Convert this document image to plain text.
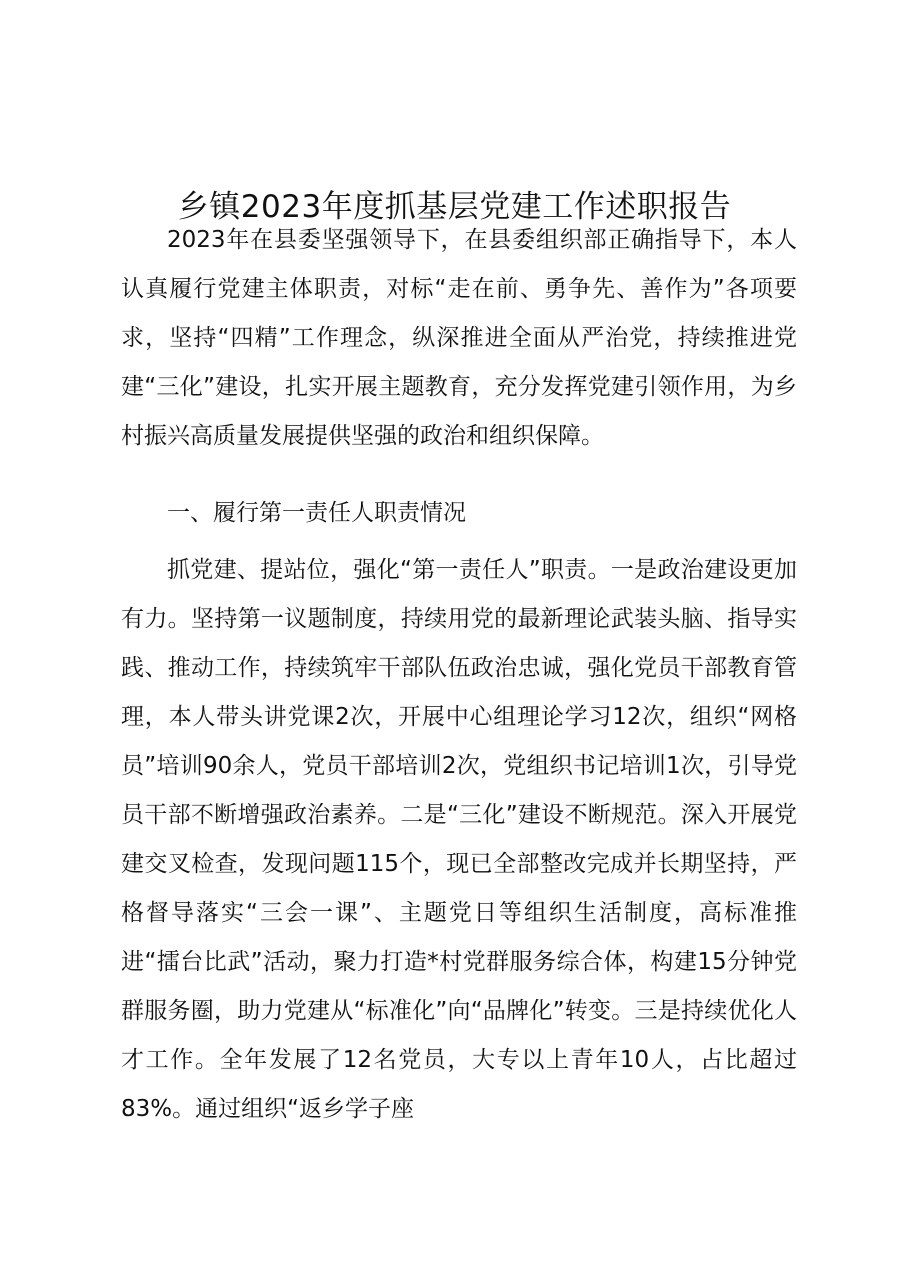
乡镇2023年度抓基层党建工作述职报告

2023年在县委坚强领导下，在县委组织部正确指导下，本人认真履行党建主体职责，对标“走在前、勇争先、善作为”各项要求，坚持“四精”工作理念，纵深推进全面从严治党，持续推进党建“三化”建设，扎实开展主题教育，充分发挥党建引领作用，为乡村振兴高质量发展提供坚强的政治和组织保障。

一、履行第一责任人职责情况

抓党建、提站位，强化“第一责任人”职责。一是政治建设更加有力。坚持第一议题制度，持续用党的最新理论武装头脑、指导实践、推动工作，持续筑牢干部队伍政治忠诚，强化党员干部教育管理，本人带头讲党课2次，开展中心组理论学习12次，组织“网格员”培训90余人，党员干部培训2次，党组织书记培训1次，引导党员干部不断增强政治素养。二是“三化”建设不断规范。深入开展党建交叉检查，发现问题115个，现已全部整改完成并长期坚持，严格督导落实“三会一课”、主题党日等组织生活制度，高标准推进“擂台比武”活动，聚力打造*村党群服务综合体，构建15分钟党群服务圈，助力党建从“标准化”向“品牌化”转变。三是持续优化人才工作。全年发展了12名党员，大专以上青年10人，占比超过83%。通过组织“返乡学子座
